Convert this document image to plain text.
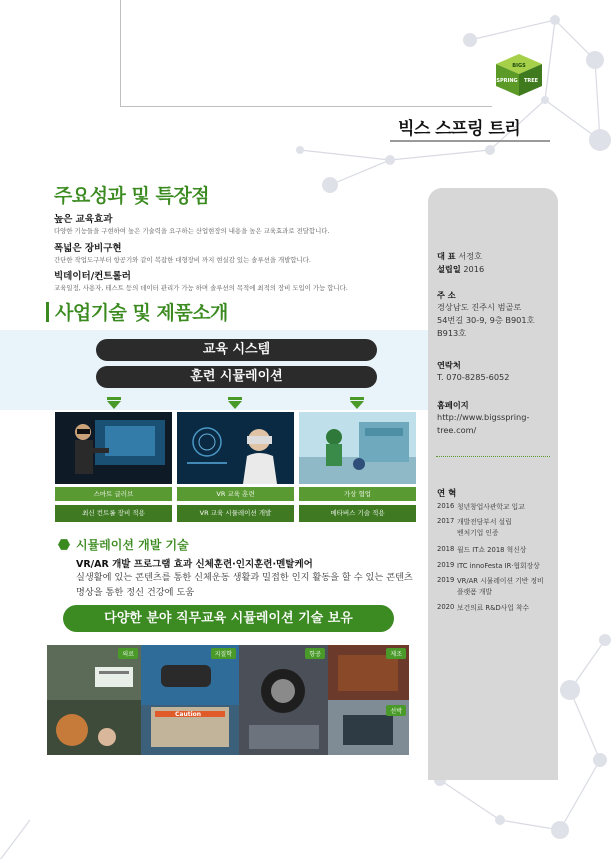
BIGS
SPRING TREE
빅스 스프링 트리
주요성과 및 특장점
높은 교육효과
다양한 기능들을 구현하여 높은 기술력을 요구하는 산업현장의 내용을 높은 교육효과로 전달합니다.
폭넓은 장비구현
간단한 작업도구부터 항공기와 같이 복잡한 대형장비 까지 현실감 있는 솔루션을 개발합니다.
빅데이터/컨트롤러
교육일정, 사용자, 테스트 등의 데이터 관리가 가능 하며 솔루션의 목적에 최적의 장비 도입이 가능 합니다.
사업기술 및 제품소개
교육 시스템
훈련 시뮬레이션
스마트 글러브	VR 교육 훈련	가상 협업
최신 컨트롤 장비 적용	VR 교육 시뮬레이션 개발	메타버스 기술 적용
시뮬레이션 개발 기술
VR/AR 개발 프로그램 효과 신체훈련·인지훈련·멘탈케어
실생활에 있는 콘텐츠를 통한 신체운동 생활과 밀접한 인지 활동을 할 수 있는 콘텐츠 명상을 통한 정신 건강에 도움
다양한 분야 직무교육 시뮬레이션 기술 보유
의료	지질학
Caution
항공	제조
선박
대 표 서정호
설립일 2016
주 소
경상남도 진주시 범골로
54번길 30-9, 9층 B901호
B913호
연락처
T. 070-8285-6052
홈페이지
http://www.bigsspring-
tree.com/
연 혁
2016 청년창업사관학교 입교
2017 개발전담부서 설립
벤처기업 인증
2018 월드 IT쇼 2018 혁신상
2019 ITC innoFesta IR·협회장상
2019 VR/AR 시뮬레이션 기반 정비
플랫폼 개발
2020 보건의료 R&D사업 착수
